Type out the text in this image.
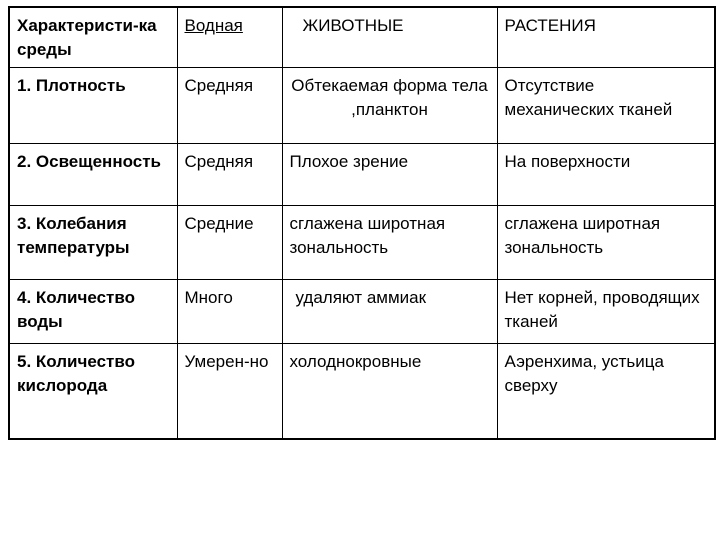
Характеристи-ка среды	Водная	ЖИВОТНЫЕ	РАСТЕНИЯ
1. Плотность	Средняя	Обтекаемая форма тела ,планктон	Отсутствие механических тканей
2. Освещенность	Средняя	Плохое зрение	На поверхности
3. Колебания температуры	Средние	сглажена широтная зональность	сглажена широтная зональность
4. Количество воды	Много	удаляют аммиак	Нет корней, проводящих тканей
5. Количество кислорода	Умерен-но	холоднокровные	Аэренхима, устьица сверху
